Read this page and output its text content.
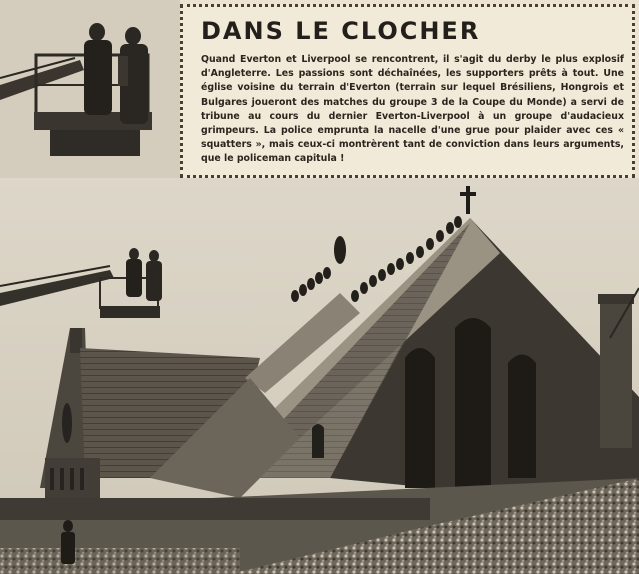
DANS LE CLOCHER

Quand Everton et Liverpool se rencontrent, il s'agit du derby le plus explosif d'Angleterre. Les passions sont déchaînées, les supporters prêts à tout. Une église voisine du terrain d'Everton (terrain sur lequel Brésiliens, Hongrois et Bulgares joueront des matches du groupe 3 de la Coupe du Monde) a servi de tribune au cours du dernier Everton-Liverpool à un groupe d'audacieux grimpeurs. La police emprunta la nacelle d'une grue pour plaider avec ces « squatters », mais ceux-ci montrèrent tant de conviction dans leurs arguments, que le policeman capitula !
